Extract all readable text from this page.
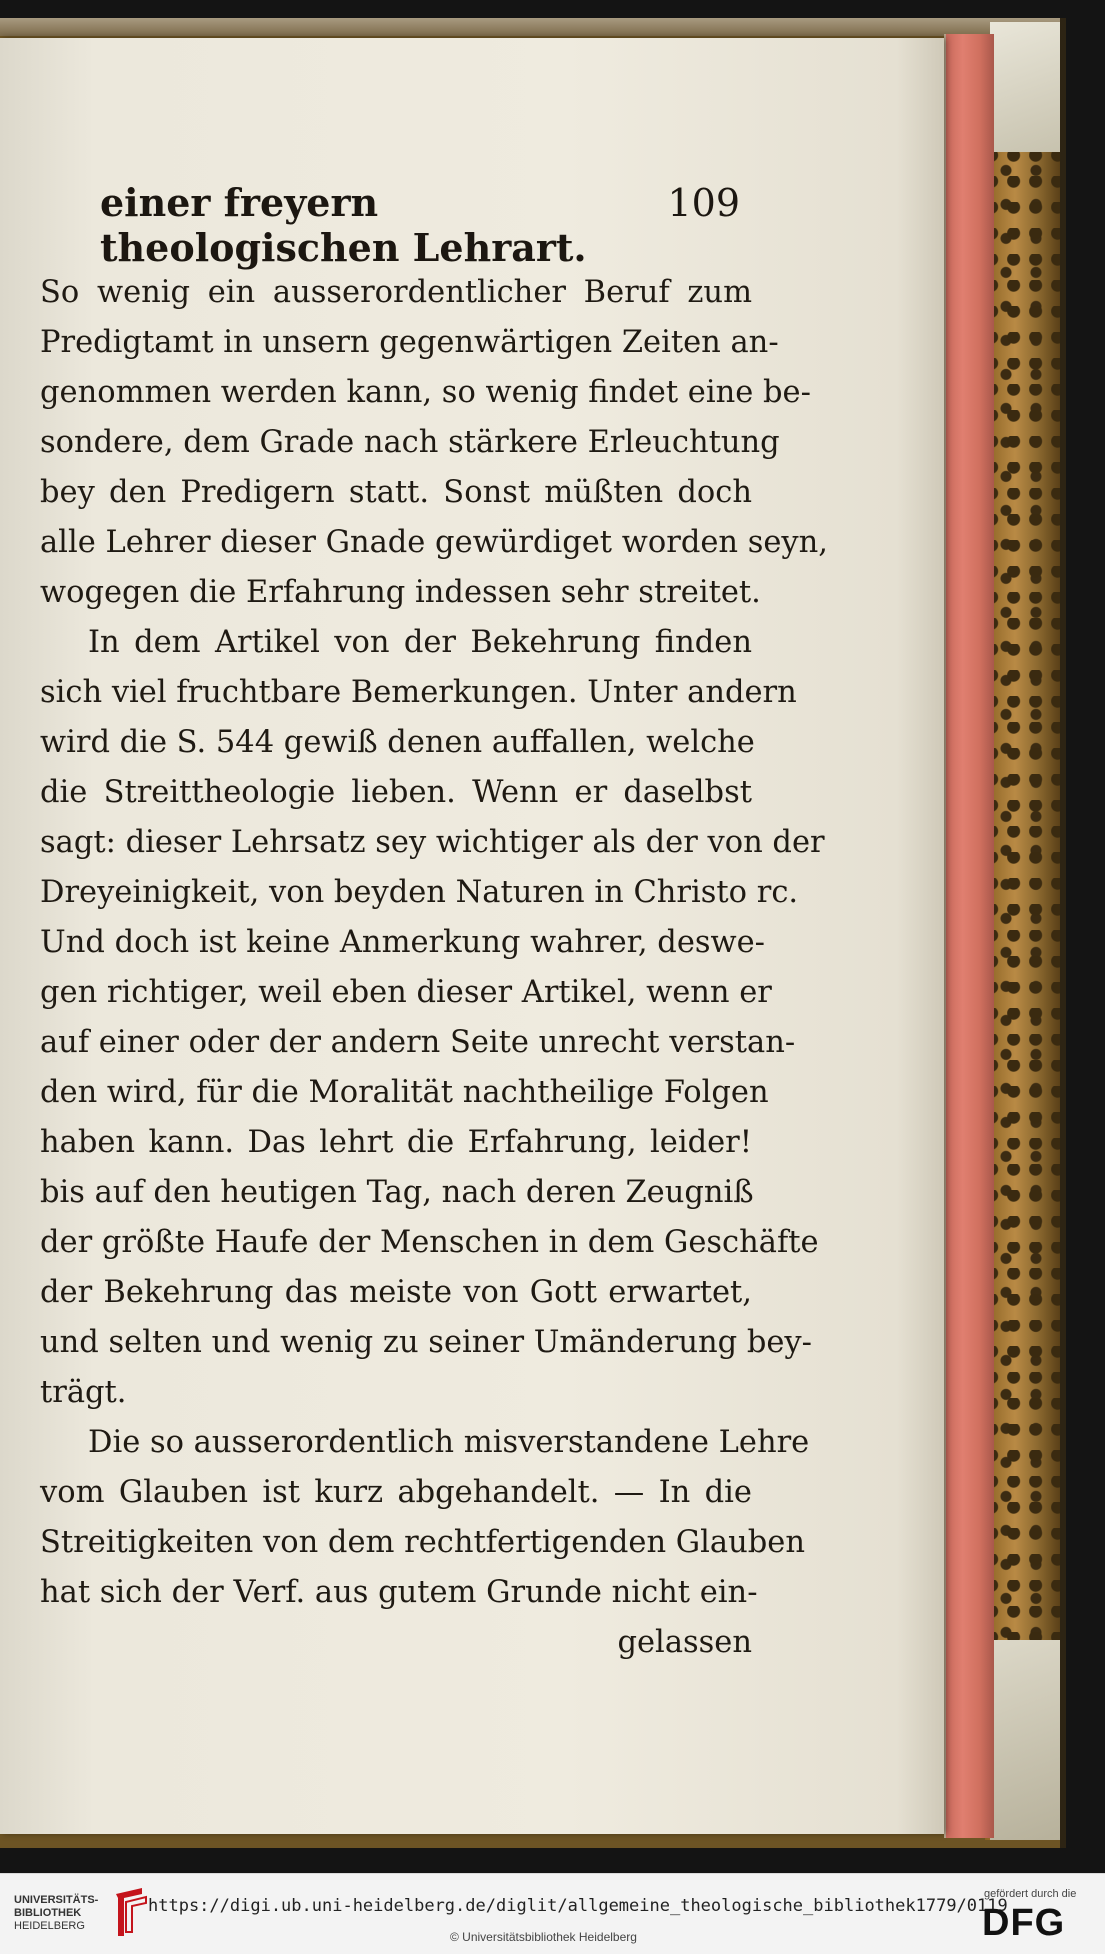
einer freyern theologischen Lehrart.
109
So wenig ein ausserordentlicher Beruf zum
Predigtamt in unsern gegenwärtigen Zeiten an-
genommen werden kann, so wenig findet eine be-
sondere, dem Grade nach stärkere Erleuchtung
bey den Predigern statt. Sonst müßten doch
alle Lehrer dieser Gnade gewürdiget worden seyn,
wogegen die Erfahrung indessen sehr streitet.
In dem Artikel von der Bekehrung finden
sich viel fruchtbare Bemerkungen. Unter andern
wird die S. 544 gewiß denen auffallen, welche
die Streittheologie lieben. Wenn er daselbst
sagt: dieser Lehrsatz sey wichtiger als der von der
Dreyeinigkeit, von beyden Naturen in Christo rc.
Und doch ist keine Anmerkung wahrer, deswe-
gen richtiger, weil eben dieser Artikel, wenn er
auf einer oder der andern Seite unrecht verstan-
den wird, für die Moralität nachtheilige Folgen
haben kann. Das lehrt die Erfahrung, leider!
bis auf den heutigen Tag, nach deren Zeugniß
der größte Haufe der Menschen in dem Geschäfte
der Bekehrung das meiste von Gott erwartet,
und selten und wenig zu seiner Umänderung bey-
trägt.
Die so ausserordentlich misverstandene Lehre
vom Glauben ist kurz abgehandelt. — In die
Streitigkeiten von dem rechtfertigenden Glauben
hat sich der Verf. aus gutem Grunde nicht ein-
gelassen
UNIVERSITÄTS-
BIBLIOTHEK
HEIDELBERG
https://digi.ub.uni-heidelberg.de/diglit/allgemeine_theologische_bibliothek1779/0119
© Universitätsbibliothek Heidelberg
gefördert durch die
DFG
